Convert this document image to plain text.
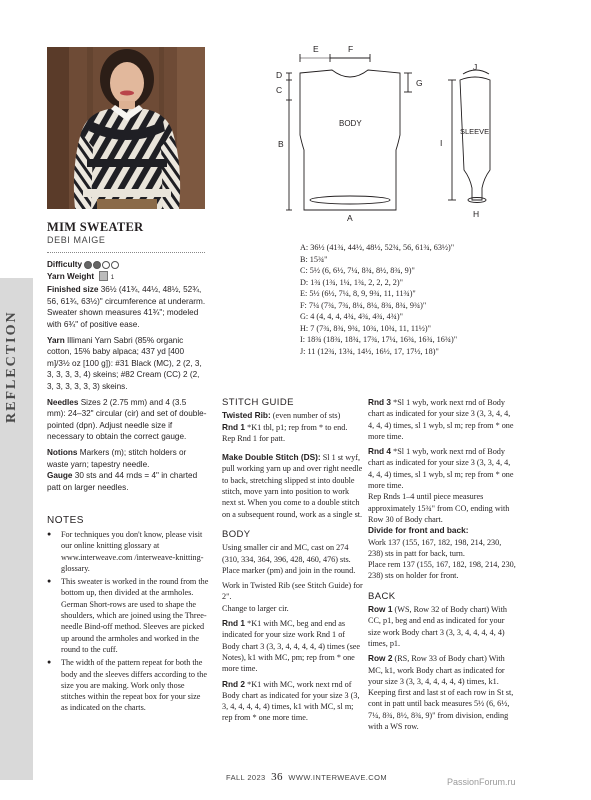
REFLECTION
MIM SWEATER
DEBI MAIGE

Difficulty
Yarn Weight	1
Finished size 36½ (41¾, 44½, 48½, 52¾, 56, 61¾, 63½)" circumference at underarm. Sweater shown measures 41¾"; modeled with 6¾" of positive ease.

Yarn Illimani Yarn Sabri (85% organic cotton, 15% baby alpaca; 437 yd [400 m]/3½ oz [100 g]): #31 Black (MC), 2 (2, 3, 3, 3, 3, 3, 4) skeins; #82 Cream (CC) 2 (2, 3, 3, 3, 3, 3, 3) skeins.

Needles Sizes 2 (2.75 mm) and 4 (3.5 mm): 24–32" circular (cir) and set of double-pointed (dpn). Adjust needle size if necessary to obtain the correct gauge.

Notions Markers (m); stitch holders or waste yarn; tapestry needle.
Gauge 30 sts and 44 rnds = 4" in charted patt on larger needles.

NOTES
● For techniques you don't know, please visit our online knitting glossary at www.interweave.com /interweave-knitting-glossary.
● This sweater is worked in the round from the bottom up, then divided at the armholes. German Short-rows are used to shape the shoulders, which are joined using the Three-needle Bind-off method. Sleeves are picked up around the armholes and worked in the round to the cuff.
● The width of the pattern repeat for both the body and the sleeves differs according to the size you are making. Work only those stitches within the repeat box for your size as indicated on the charts.
E	F
D
C
B
G
BODY
A
J
SLEEVE
I
H
A: 36½ (41¾, 44½, 48½, 52¾, 56, 61¾, 63½)"
B: 15¾"
C: 5½ (6, 6½, 7¼, 8¾, 8½, 8¾, 9)"
D: 1¾ (1¾, 1¼, 1¾, 2, 2, 2, 2)"
E: 5½ (6½, 7¼, 8, 9, 9¾, 11, 11¾)"
F: 7¼ (7¾, 7¾, 8¼, 8¼, 8¾, 8¾, 9¾)"
G: 4 (4, 4, 4, 4¾, 4¾, 4¾, 4¾)"
H: 7 (7¾, 8¾, 9¾, 10¾, 10¾, 11, 11½)"
I: 18¾ (18¾, 18¾, 17¾, 17¼, 16¾, 16¾, 16¾)"
J: 11 (12¾, 13¾, 14½, 16½, 17, 17½, 18)"
STITCH GUIDE

Twisted Rib: (even number of sts)
Rnd 1 *K1 tbl, p1; rep from * to end.
Rep Rnd 1 for patt.

Make Double Stitch (DS): Sl 1 st wyf, pull working yarn up and over right needle to back, stretching slipped st into double stitch, move yarn into position to work next st. When you come to a double stitch on a subsequent round, work as a single st.

BODY

Using smaller cir and MC, cast on 274 (310, 334, 364, 396, 428, 460, 476) sts. Place marker (pm) and join in the round.

Work in Twisted Rib (see Stitch Guide) for 2".
Change to larger cir.

Rnd 1 *K1 with MC, beg and end as indicated for your size work Rnd 1 of Body chart 3 (3, 3, 4, 4, 4, 4, 4) times (see Notes), k1 with MC, pm; rep from * one more time.

Rnd 2 *K1 with MC, work next rnd of Body chart as indicated for your size 3 (3, 3, 4, 4, 4, 4, 4) times, k1 with MC, sl m; rep from * one more time.

Rnd 3 *Sl 1 wyb, work next rnd of Body chart as indicated for your size 3 (3, 3, 4, 4, 4, 4, 4) times, sl 1 wyb, sl m; rep from * one more time.

Rnd 4 *Sl 1 wyb, work next rnd of Body chart as indicated for your size 3 (3, 3, 4, 4, 4, 4, 4) times, sl 1 wyb, sl m; rep from * one more time.
Rep Rnds 1–4 until piece measures approximately 15¾" from CO, ending with Row 30 of Body chart.
Divide for front and back:
Work 137 (155, 167, 182, 198, 214, 230, 238) sts in patt for back, turn.
Place rem 137 (155, 167, 182, 198, 214, 230, 238) sts on holder for front.

BACK

Row 1 (WS, Row 32 of Body chart) With CC, p1, beg and end as indicated for your size work Body chart 3 (3, 3, 4, 4, 4, 4, 4) times, p1.

Row 2 (RS, Row 33 of Body chart) With MC, k1, work Body chart as indicated for your size 3 (3, 3, 4, 4, 4, 4, 4) times, k1. Keeping first and last st of each row in St st, cont in patt until back measures 5½ (6, 6½, 7¼, 8¾, 8½, 8¾, 9)" from division, ending with a WS row.

FALL 2023 36 WWW.INTERWEAVE.COM	PassionForum.ru
